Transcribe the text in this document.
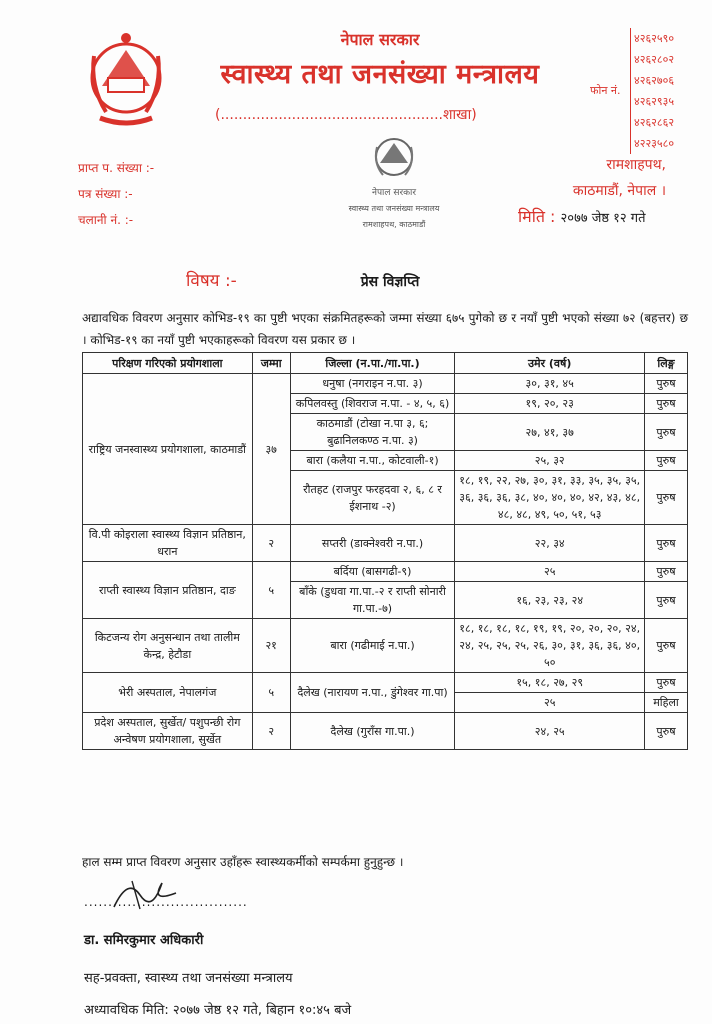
नेपाल सरकार
स्वास्थ्य तथा जनसंख्या मन्त्रालय
(..................................................शाखा)
फोन नं.
४२६२५९०
४२६२८०२
४२६२७०६
४२६२९३५
४२६२८६२
४२२३५८०
प्राप्त प. संख्या :-
पत्र संख्या :-
चलानी नं. :-
नेपाल सरकार
स्वास्थ्य तथा जनसंख्या मन्त्रालय
रामशाहपथ, काठमाडौं
रामशाहपथ,
काठमाडौं, नेपाल ।
मिति : २०७७ जेष्ठ १२ गते
विषय :-	प्रेस विज्ञप्ति
अद्यावधिक विवरण अनुसार कोभिड-१९ का पुष्टी भएका संक्रमितहरूको जम्मा संख्या ६७५ पुगेको छ र नयाँ पुष्टी भएको संख्या ७२ (बहत्तर) छ । कोभिड-१९ का नयाँ पुष्टी भएकाहरूको विवरण यस प्रकार छ ।
परिक्षण गरिएको प्रयोगशाला	जम्मा	जिल्ला (न.पा./गा.पा.)	उमेर (वर्ष)	लिङ्ग
राष्ट्रिय जनस्वास्थ्य प्रयोगशाला, काठमाडौं	३७	धनुषा (नगराइन न.पा. ३)	३०, ३१, ४५	पुरुष
		कपिलवस्तु (शिवराज न.पा. - ४, ५, ६)	१९, २०, २३	पुरुष
		काठमाडौं (टोखा न.पा ३, ६; बुढानिलकण्ठ न.पा. ३)	२७, ४१, ३७	पुरुष
		बारा (कलैया न.पा., कोटवाली-१)	२५, ३२	पुरुष
		रौतहट (राजपुर फरहदवा २, ६, ८ र ईशनाथ -२)	१८, १९, २२, २७, ३०, ३१, ३३, ३५, ३५, ३५, ३६, ३६, ३६, ३८, ४०, ४०, ४०, ४२, ४३, ४८, ४८, ४८, ४९, ५०, ५१, ५३	पुरुष
वि.पी कोइराला स्वास्थ्य विज्ञान प्रतिष्ठान, धरान	२	सप्तरी (डाक्नेश्वरी न.पा.)	२२, ३४	पुरुष
राप्ती स्वास्थ्य विज्ञान प्रतिष्ठान, दाङ	५	बर्दिया (बासगढी-९)	२५	पुरुष
		बाँके (डुधवा गा.पा.-२ र राप्ती सोनारी गा.पा.-७)	१६, २३, २३, २४	पुरुष
किटजन्य रोग अनुसन्धान तथा तालीम केन्द्र, हेटौडा	२१	बारा (गढीमाई न.पा.)	१८, १८, १८, १८, १९, १९, २०, २०, २०, २४, २४, २५, २५, २५, २६, ३०, ३१, ३६, ३६, ४०, ५०	पुरुष
भेरी अस्पताल, नेपालगंज	५	दैलेख (नारायण न.पा., डुंगेश्वर गा.पा)	१५, १८, २७, २९	पुरुष
			२५	महिला
प्रदेश अस्पताल, सुर्खेत/ पशुपन्छी रोग अन्वेषण प्रयोगशाला, सुर्खेत	२	दैलेख (गुराँस गा.पा.)	२४, २५	पुरुष
हाल सम्म प्राप्त विवरण अनुसार उहाँहरू स्वास्थ्यकर्मीको सम्पर्कमा हुनुहुन्छ ।
..................................
डा. समिरकुमार अधिकारी
सह-प्रवक्ता, स्वास्थ्य तथा जनसंख्या मन्त्रालय
अध्यावधिक मिति: २०७७ जेष्ठ १२ गते, बिहान १०:४५ बजे
